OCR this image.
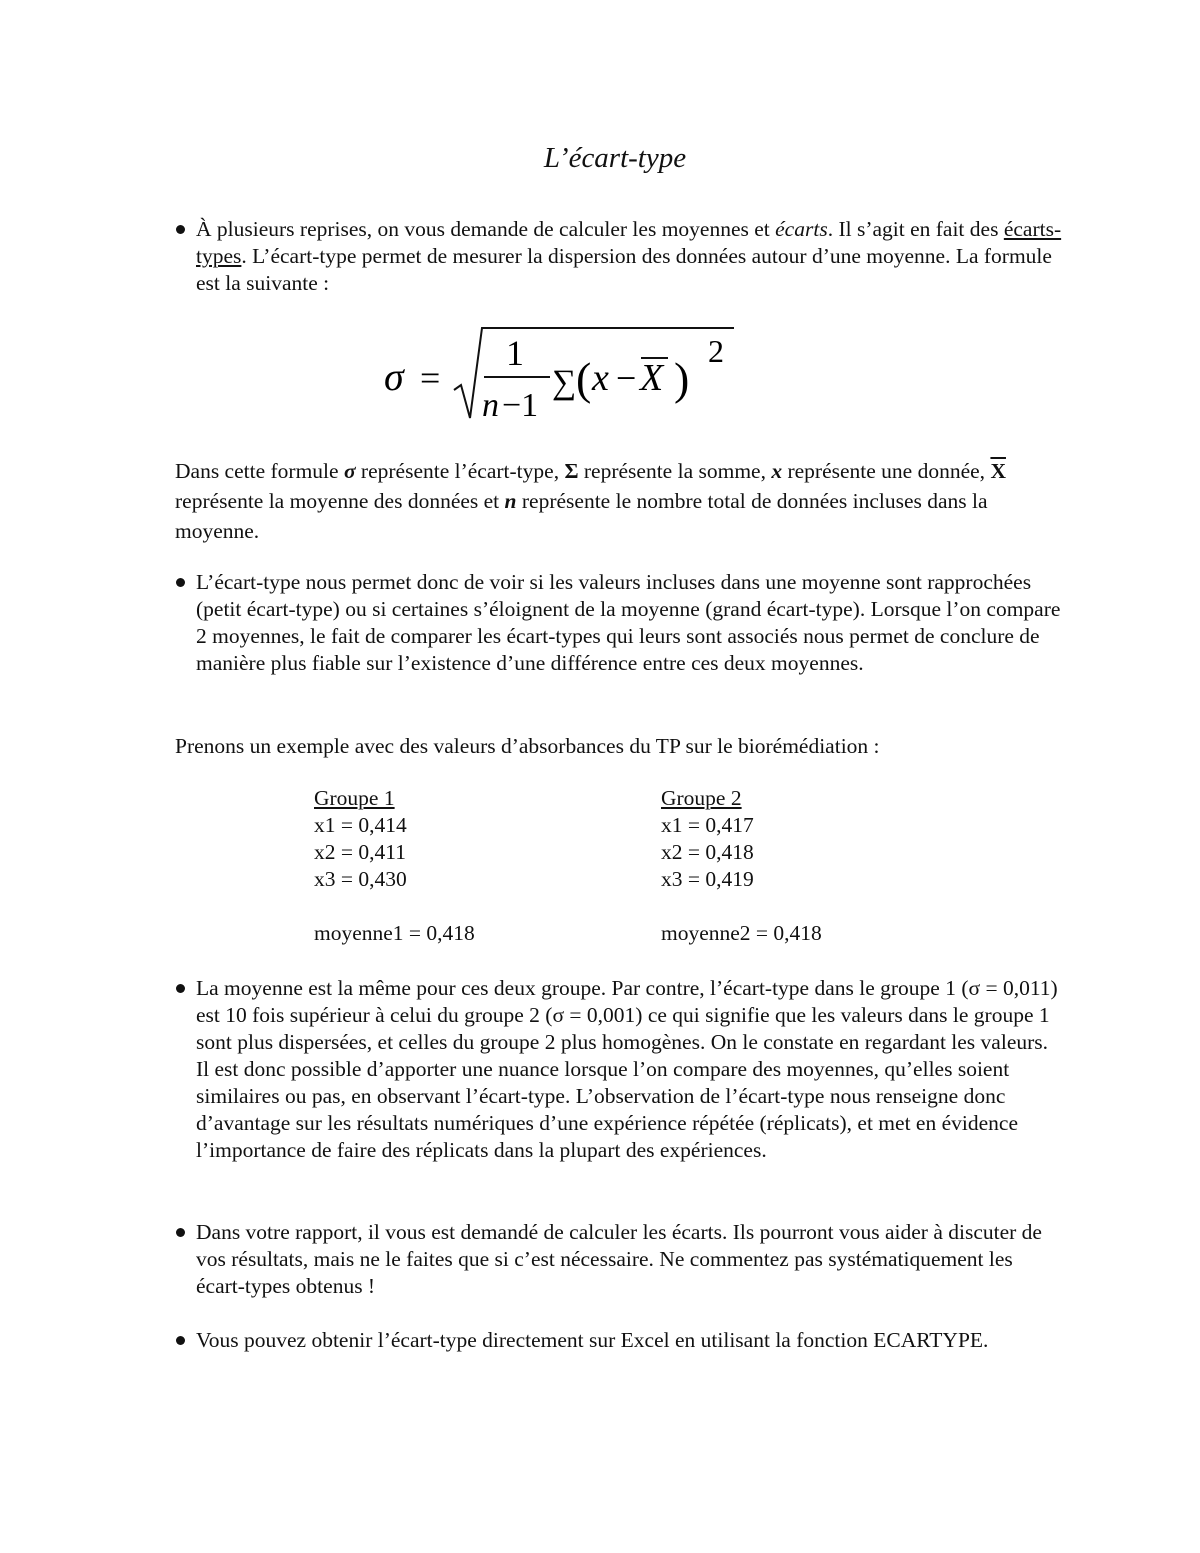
L’écart-type
À plusieurs reprises, on vous demande de calculer les moyennes et écarts. Il s’agit en fait des écarts-types. L’écart-type permet de mesurer la dispersion des données autour d’une moyenne. La formule est la suivante :
σ =
1
n −1
∑ ( x − X )
2
Dans cette formule σ représente l’écart-type, Σ représente la somme, x représente une donnée, $\overline{X}$ représente la moyenne des données et n représente le nombre total de données incluses dans la moyenne.
L’écart-type nous permet donc de voir si les valeurs incluses dans une moyenne sont rapprochées (petit écart-type) ou si certaines s’éloignent de la moyenne (grand écart-type). Lorsque l’on compare 2 moyennes, le fait de comparer les écart-types qui leurs sont associés nous permet de conclure de manière plus fiable sur l’existence d’une différence entre ces deux moyennes.
Prenons un exemple avec des valeurs d’absorbances du TP sur le biorémédiation :
Groupe 1
x1 = 0,414
x2 = 0,411
x3 = 0,430
moyenne1 = 0,418
Groupe 2
x1 = 0,417
x2 = 0,418
x3 = 0,419
moyenne2 = 0,418
La moyenne est la même pour ces deux groupe. Par contre, l’écart-type dans le groupe 1 (σ = 0,011) est 10 fois supérieur à celui du groupe 2 (σ = 0,001) ce qui signifie que les valeurs dans le groupe 1 sont plus dispersées, et celles du groupe 2 plus homogènes. On le constate en regardant les valeurs. Il est donc possible d’apporter une nuance lorsque l’on compare des moyennes, qu’elles soient similaires ou pas, en observant l’écart-type. L’observation de l’écart-type nous renseigne donc d’avantage sur les résultats numériques d’une expérience répétée (réplicats), et met en évidence l’importance de faire des réplicats dans la plupart des expériences.
Dans votre rapport, il vous est demandé de calculer les écarts. Ils pourront vous aider à discuter de vos résultats, mais ne le faites que si c’est nécessaire. Ne commentez pas systématiquement les écart-types obtenus !
Vous pouvez obtenir l’écart-type directement sur Excel en utilisant la fonction ECARTYPE.
